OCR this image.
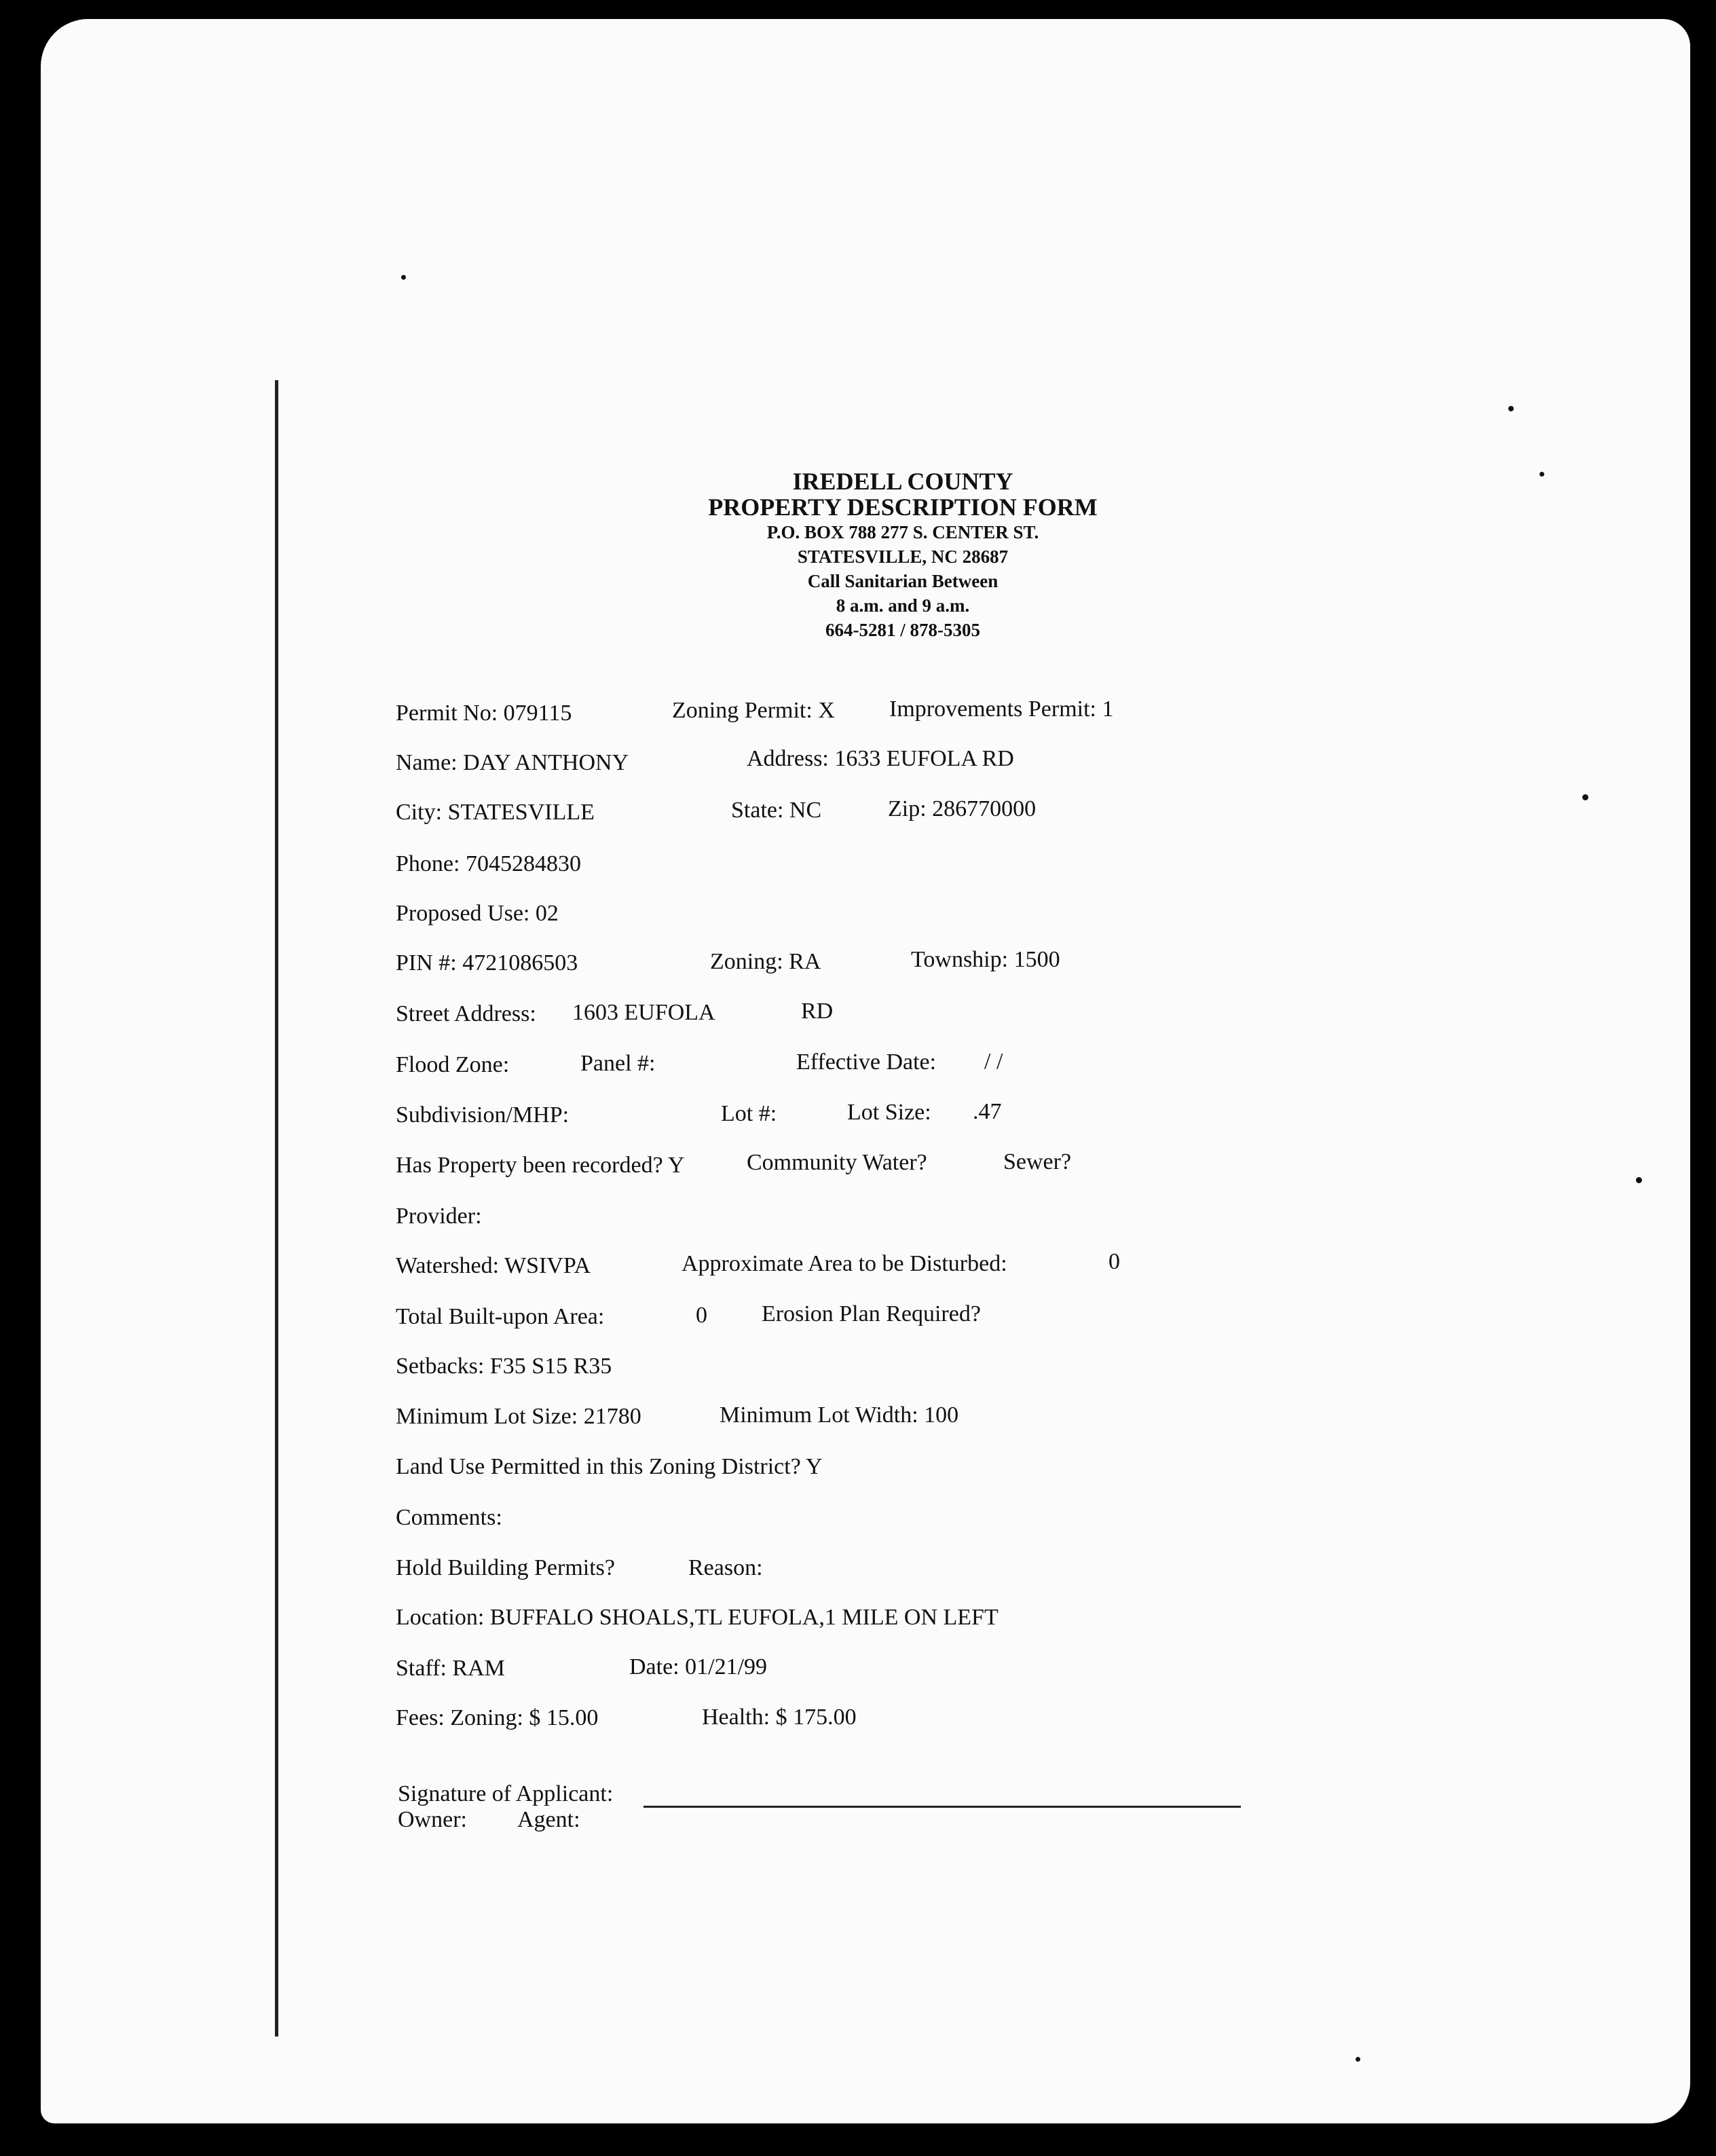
IREDELL COUNTY
PROPERTY DESCRIPTION FORM
P.O. BOX 788 277 S. CENTER ST.
STATESVILLE, NC 28687
Call Sanitarian Between
8 a.m. and 9 a.m.
664-5281 / 878-5305
Permit No: 079115	Zoning Permit: X Improvements Permit: 1
Name: DAY ANTHONY	Address: 1633 EUFOLA RD
City: STATESVILLE	State: NC	Zip: 286770000
Phone: 7045284830
Proposed Use: 02
PIN #: 4721086503	Zoning: RA	Township: 1500
Street Address: 1603 EUFOLA	RD
Flood Zone:	Panel #:	Effective Date: / /
Subdivision/MHP:	Lot #:	Lot Size: .47
Has Property been recorded? Y	Community Water?	Sewer?
Provider:
Watershed: WSIVPA	Approximate Area to be Disturbed:	0
Total Built-upon Area:	0 Erosion Plan Required?
Setbacks: F35 S15 R35
Minimum Lot Size: 21780	Minimum Lot Width: 100
Land Use Permitted in this Zoning District? Y
Comments:
Hold Building Permits?	Reason:
Location: BUFFALO SHOALS,TL EUFOLA,1 MILE ON LEFT
Staff: RAM	Date: 01/21/99
Fees: Zoning: $ 15.00	Health: $ 175.00
Signature of Applicant:
Owner: Agent:
